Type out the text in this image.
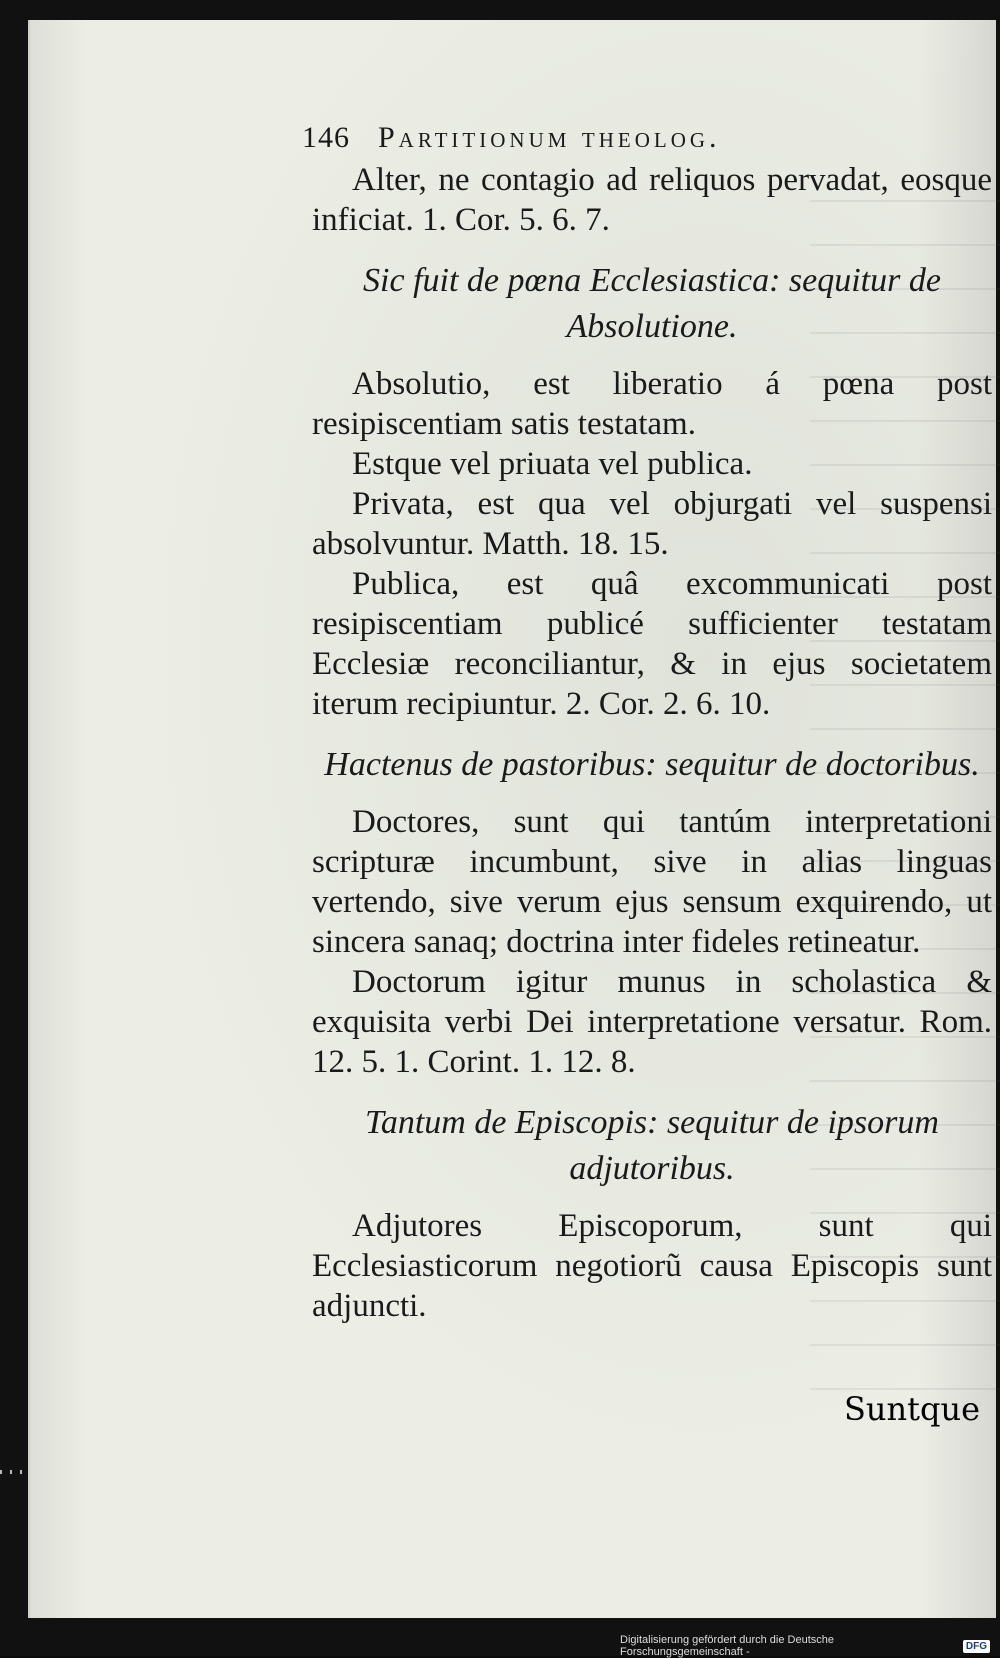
146 Partitionum theolog.

Alter, ne contagio ad reliquos pervadat, eosque inficiat. 1. Cor. 5. 6. 7.

Sic fuit de pœna Ecclesiastica: sequitur de Absolutione.

Absolutio, est liberatio á pœna post resipiscentiam satis testatam.

Estque vel priuata vel publica.

Privata, est qua vel objurgati vel suspensi absolvuntur. Matth. 18. 15.

Publica, est quâ excommunicati post resipiscentiam publicé sufficienter testatam Ecclesiæ reconciliantur, & in ejus societatem iterum recipiuntur. 2. Cor. 2. 6. 10.

Hactenus de pastoribus: sequitur de doctoribus.

Doctores, sunt qui tantúm interpretationi scripturæ incumbunt, sive in alias linguas vertendo, sive verum ejus sensum exquirendo, ut sincera sanaq; doctrina inter fideles retineatur.

Doctorum igitur munus in scholastica & exquisita verbi Dei interpretatione versatur. Rom. 12. 5. 1. Corint. 1. 12. 8.

Tantum de Episcopis: sequitur de ipsorum adjutoribus.

Adjutores Episcoporum, sunt qui Ecclesiasticorum negotiorũ causa Episcopis sunt adjuncti.

Suntque
Digitalisierung gefördert durch die Deutsche Forschungsgemeinschaft -	DFG
